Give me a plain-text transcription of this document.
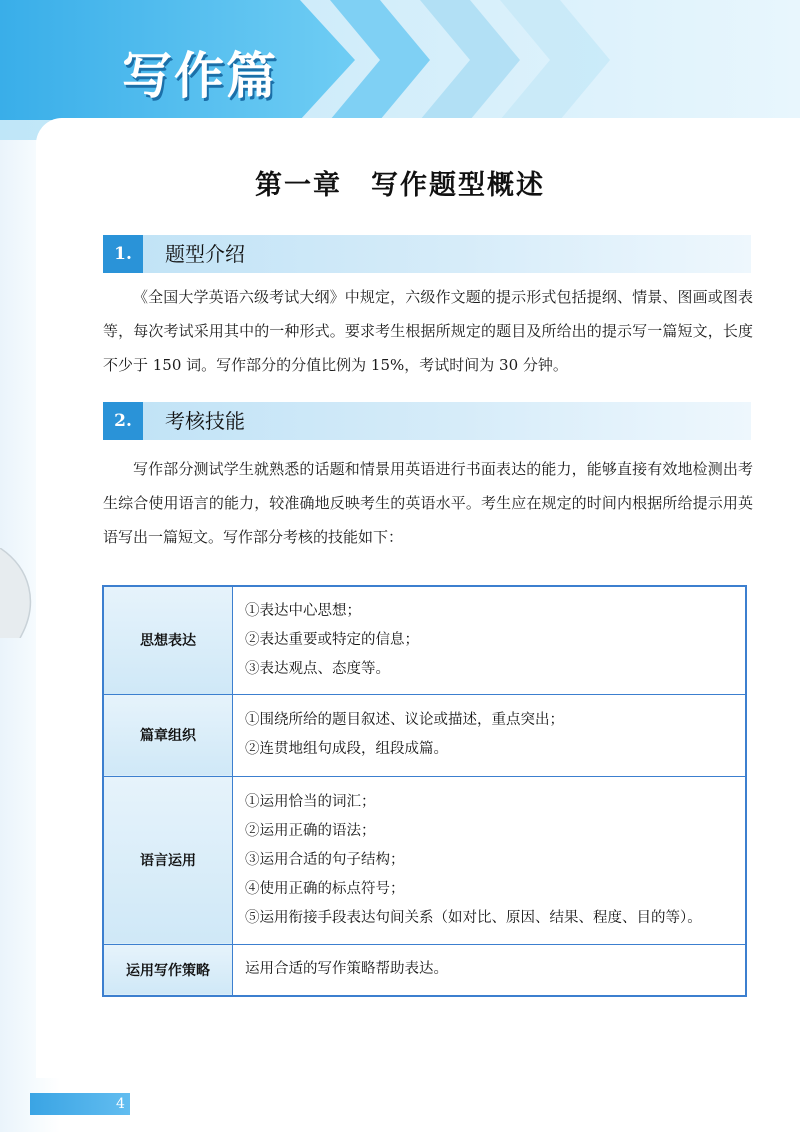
写作篇
第一章　写作题型概述
1.	题型介绍
《全国大学英语六级考试大纲》中规定，六级作文题的提示形式包括提纲、情景、图画或图表等，每次考试采用其中的一种形式。要求考生根据所规定的题目及所给出的提示写一篇短文，长度不少于 150 词。写作部分的分值比例为 15%，考试时间为 30 分钟。
2.	考核技能
写作部分测试学生就熟悉的话题和情景用英语进行书面表达的能力，能够直接有效地检测出考生综合使用语言的能力，较准确地反映考生的英语水平。考生应在规定的时间内根据所给提示用英语写出一篇短文。写作部分考核的技能如下：
思想表达	①表达中心思想；
②表达重要或特定的信息；
③表达观点、态度等。

篇章组织	①围绕所给的题目叙述、议论或描述，重点突出；
②连贯地组句成段，组段成篇。

语言运用	①运用恰当的词汇；
②运用正确的语法；
③运用合适的句子结构；
④使用正确的标点符号；
⑤运用衔接手段表达句间关系（如对比、原因、结果、程度、目的等）。

运用写作策略	运用合适的写作策略帮助表达。
4
